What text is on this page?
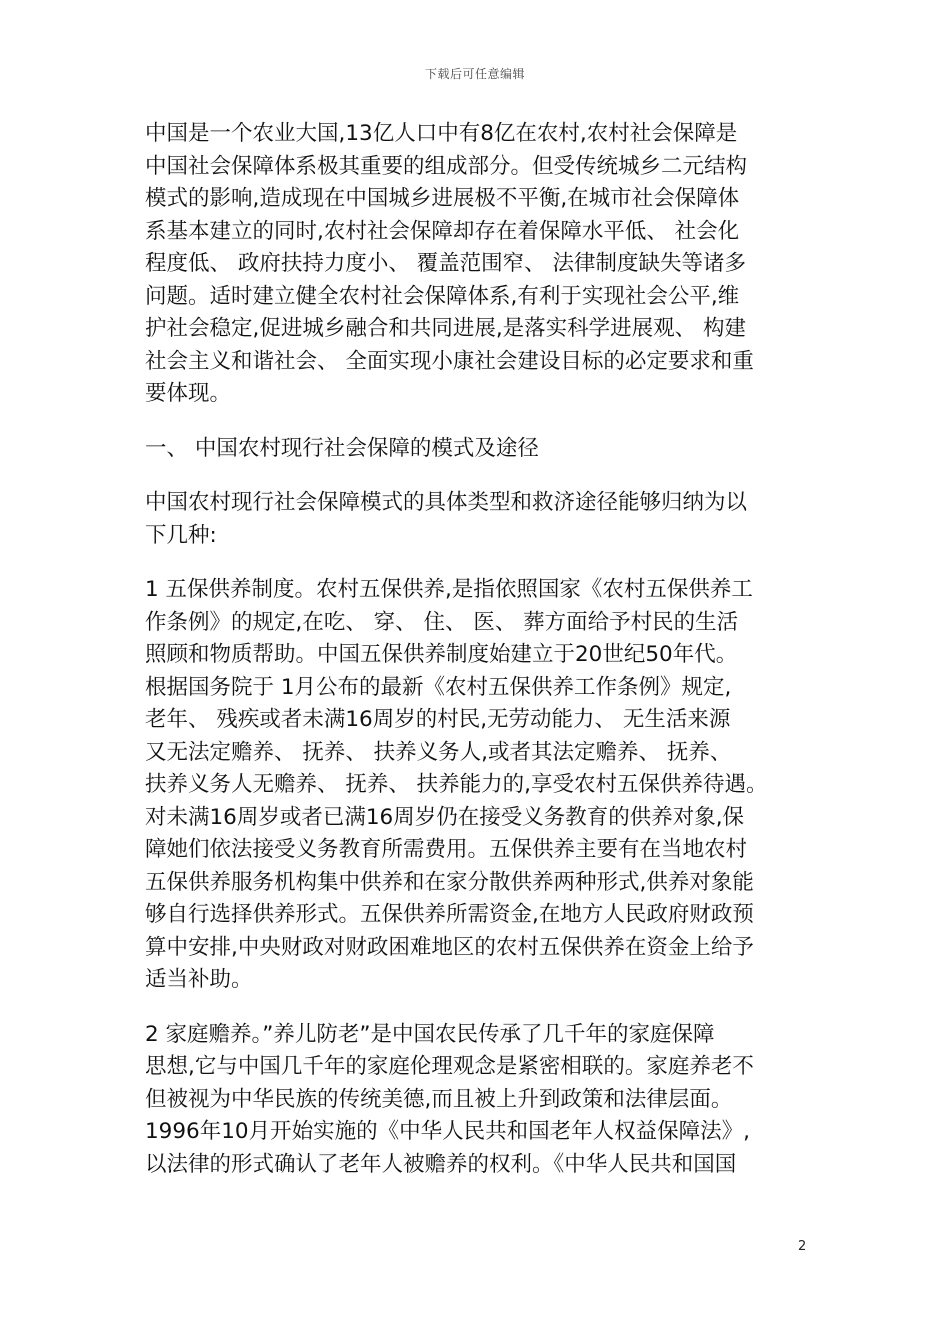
下载后可任意编辑
中国是一个农业大国,13亿人口中有8亿在农村,农村社会保障是
中国社会保障体系极其重要的组成部分。但受传统城乡二元结构
模式的影响,造成现在中国城乡进展极不平衡,在城市社会保障体
系基本建立的同时,农村社会保障却存在着保障水平低、 社会化
程度低、 政府扶持力度小、 覆盖范围窄、 法律制度缺失等诸多
问题。适时建立健全农村社会保障体系,有利于实现社会公平,维
护社会稳定,促进城乡融合和共同进展,是落实科学进展观、 构建
社会主义和谐社会、 全面实现小康社会建设目标的必定要求和重
要体现。
一、 中国农村现行社会保障的模式及途径
中国农村现行社会保障模式的具体类型和救济途径能够归纳为以
下几种:
1 五保供养制度。农村五保供养,是指依照国家《农村五保供养工
作条例》的规定,在吃、 穿、 住、 医、 葬方面给予村民的生活
照顾和物质帮助。中国五保供养制度始建立于20世纪50年代。
根据国务院于 1月公布的最新《农村五保供养工作条例》规定,
老年、 残疾或者未满16周岁的村民,无劳动能力、 无生活来源
又无法定赡养、 抚养、 扶养义务人,或者其法定赡养、 抚养、
扶养义务人无赡养、 抚养、 扶养能力的,享受农村五保供养待遇。
对未满16周岁或者已满16周岁仍在接受义务教育的供养对象,保
障她们依法接受义务教育所需费用。五保供养主要有在当地农村
五保供养服务机构集中供养和在家分散供养两种形式,供养对象能
够自行选择供养形式。五保供养所需资金,在地方人民政府财政预
算中安排,中央财政对财政困难地区的农村五保供养在资金上给予
适当补助。
2 家庭赡养。”养儿防老”是中国农民传承了几千年的家庭保障
思想,它与中国几千年的家庭伦理观念是紧密相联的。家庭养老不
但被视为中华民族的传统美德,而且被上升到政策和法律层面。
1996年10月开始实施的《中华人民共和国老年人权益保障法》,
以法律的形式确认了老年人被赡养的权利。《中华人民共和国国
2
